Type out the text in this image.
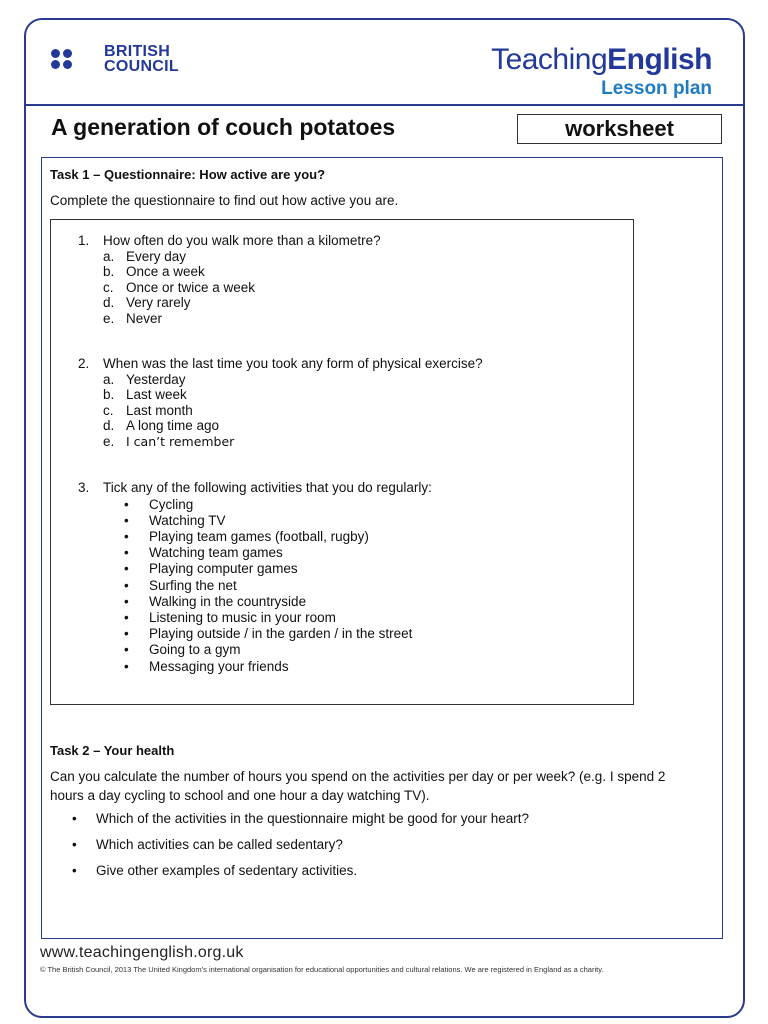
BRITISH
COUNCIL	TeachingEnglish
Lesson plan
A generation of couch potatoes	worksheet
Task 1 – Questionnaire: How active are you?
Complete the questionnaire to find out how active you are.
1.	How often do you walk more than a kilometre?
a. Every day
b. Once a week
c. Once or twice a week
d. Very rarely
e. Never
2.	When was the last time you took any form of physical exercise?
a. Yesterday
b. Last week
c. Last month
d. A long time ago
e. I can’t remember
3.	Tick any of the following activities that you do regularly:
•	Cycling
•	Watching TV
•	Playing team games (football, rugby)
•	Watching team games
•	Playing computer games
•	Surfing the net
•	Walking in the countryside
•	Listening to music in your room
•	Playing outside / in the garden / in the street
•	Going to a gym
•	Messaging your friends
Task 2 – Your health
Can you calculate the number of hours you spend on the activities per day or per week? (e.g. I spend 2
hours a day cycling to school and one hour a day watching TV).
•	Which of the activities in the questionnaire might be good for your heart?
•	Which activities can be called sedentary?
•	Give other examples of sedentary activities.
www.teachingenglish.org.uk
© The British Council, 2013 The United Kingdom’s international organisation for educational opportunities and cultural relations. We are registered in England as a charity.
